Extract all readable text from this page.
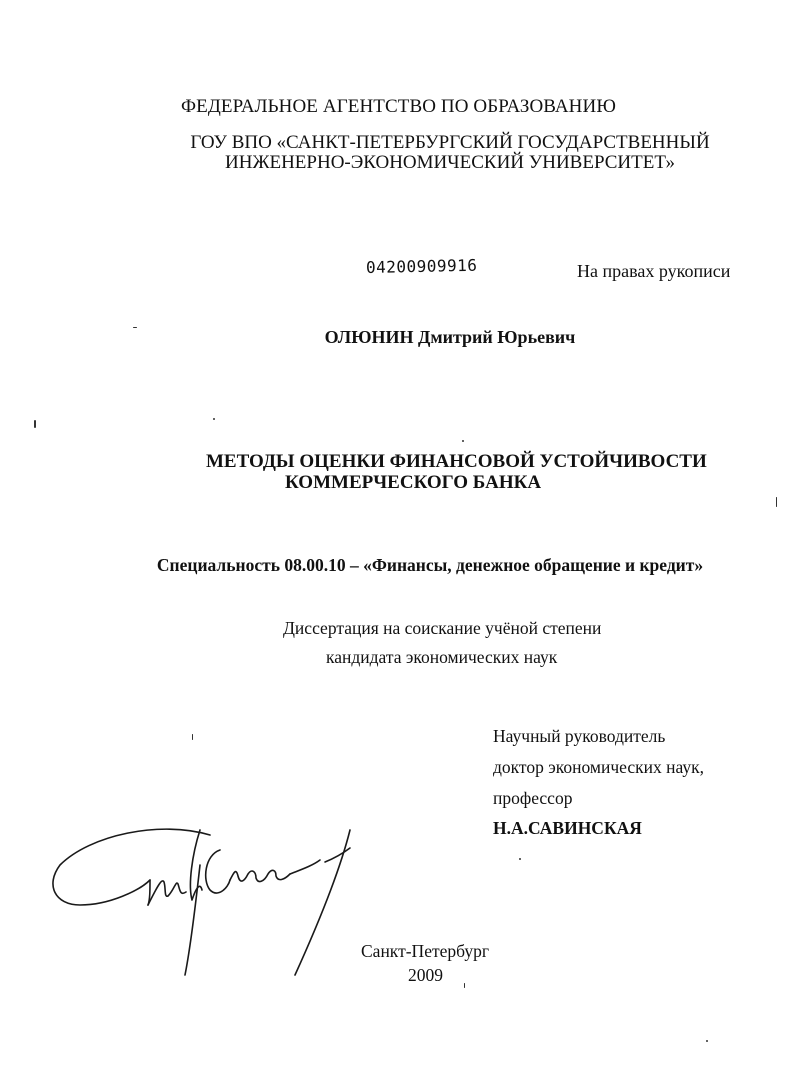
ФЕДЕРАЛЬНОЕ АГЕНТСТВО ПО ОБРАЗОВАНИЮ
ГОУ ВПО «САНКТ-ПЕТЕРБУРГСКИЙ ГОСУДАРСТВЕННЫЙ
ИНЖЕНЕРНО-ЭКОНОМИЧЕСКИЙ УНИВЕРСИТЕТ»
04200909916	На правах рукописи
ОЛЮНИН Дмитрий Юрьевич
МЕТОДЫ ОЦЕНКИ ФИНАНСОВОЙ УСТОЙЧИВОСТИ
КОММЕРЧЕСКОГО БАНКА
Специальность 08.00.10 – «Финансы, денежное обращение и кредит»
Диссертация на соискание учёной степени
кандидата экономических наук
Научный руководитель
доктор экономических наук,
профессор
Н.А.САВИНСКАЯ
Санкт-Петербург
2009
